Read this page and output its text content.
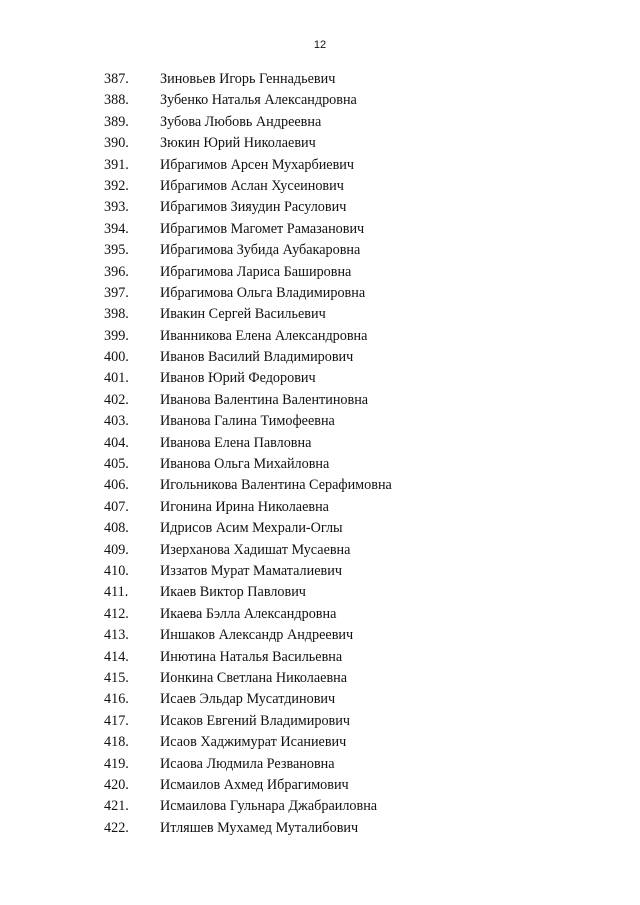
12
387. Зиновьев Игорь Геннадьевич
388. Зубенко Наталья Александровна
389. Зубова Любовь Андреевна
390. Зюкин Юрий Николаевич
391. Ибрагимов Арсен Мухарбиевич
392. Ибрагимов Аслан Хусеинович
393. Ибрагимов Зияудин Расулович
394. Ибрагимов Магомет Рамазанович
395. Ибрагимова Зубида Аубакаровна
396. Ибрагимова Лариса Башировна
397. Ибрагимова Ольга Владимировна
398. Ивакин Сергей Васильевич
399. Иванникова Елена Александровна
400. Иванов Василий Владимирович
401. Иванов Юрий Федорович
402. Иванова Валентина Валентиновна
403. Иванова Галина Тимофеевна
404. Иванова Елена Павловна
405. Иванова Ольга Михайловна
406. Игольникова Валентина Серафимовна
407. Игонина Ирина Николаевна
408. Идрисов Асим Мехрали-Оглы
409. Изерханова Хадишат Мусаевна
410. Иззатов Мурат Маматалиевич
411. Икаев Виктор Павлович
412. Икаева Бэлла Александровна
413. Иншаков Александр Андреевич
414. Инютина Наталья Васильевна
415. Ионкина Светлана Николаевна
416. Исаев Эльдар Мусатдинович
417. Исаков Евгений Владимирович
418. Исаов Хаджимурат Исаниевич
419. Исаова Людмила Резвановна
420. Исмаилов Ахмед Ибрагимович
421. Исмаилова Гульнара Джабраиловна
422. Итляшев Мухамед Муталибович
